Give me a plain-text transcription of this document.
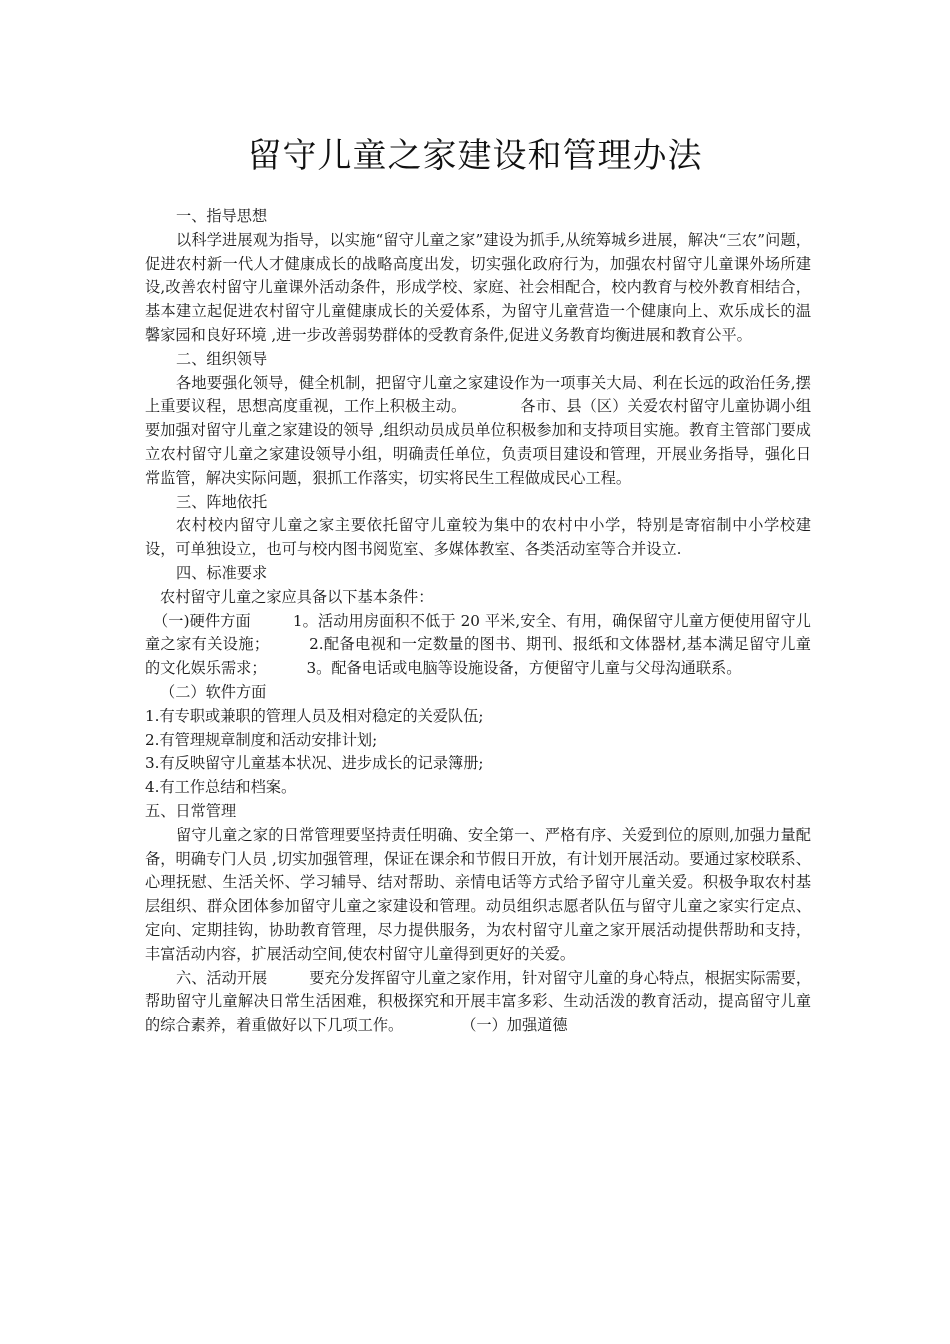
留守儿童之家建设和管理办法

一、指导思想

以科学进展观为指导，以实施“留守儿童之家”建设为抓手,从统筹城乡进展，解决“三农”问题，促进农村新一代人才健康成长的战略高度出发，切实强化政府行为，加强农村留守儿童课外场所建设,改善农村留守儿童课外活动条件，形成学校、家庭、社会相配合，校内教育与校外教育相结合，基本建立起促进农村留守儿童健康成长的关爱体系，为留守儿童营造一个健康向上、欢乐成长的温馨家园和良好环境 ,进一步改善弱势群体的受教育条件,促进义务教育均衡进展和教育公平。

二、组织领导

各地要强化领导，健全机制，把留守儿童之家建设作为一项事关大局、利在长远的政治任务,摆上重要议程，思想高度重视，工作上积极主动。	各市、县（区）关爱农村留守儿童协调小组要加强对留守儿童之家建设的领导 ,组织动员成员单位积极参加和支持项目实施。教育主管部门要成立农村留守儿童之家建设领导小组，明确责任单位，负责项目建设和管理，开展业务指导，强化日常监管，解决实际问题，狠抓工作落实，切实将民生工程做成民心工程。

三、阵地依托

农村校内留守儿童之家主要依托留守儿童较为集中的农村中小学，特别是寄宿制中小学校建设，可单独设立，也可与校内图书阅览室、多媒体教室、各类活动室等合并设立.

四、标准要求

农村留守儿童之家应具备以下基本条件：

（一)硬件方面	1。活动用房面积不低于 20 平米,安全、有用，确保留守儿童方便使用留守儿童之家有关设施；	2.配备电视和一定数量的图书、期刊、报纸和文体器材,基本满足留守儿童的文化娱乐需求；	3。配备电话或电脑等设施设备，方便留守儿童与父母沟通联系。

（二）软件方面

1.有专职或兼职的管理人员及相对稳定的关爱队伍;

2.有管理规章制度和活动安排计划;

3.有反映留守儿童基本状况、进步成长的记录簿册;

4.有工作总结和档案。

五、日常管理

留守儿童之家的日常管理要坚持责任明确、安全第一、严格有序、关爱到位的原则,加强力量配备，明确专门人员 ,切实加强管理，保证在课余和节假日开放，有计划开展活动。要通过家校联系、心理抚慰、生活关怀、学习辅导、结对帮助、亲情电话等方式给予留守儿童关爱。积极争取农村基层组织、群众团体参加留守儿童之家建设和管理。动员组织志愿者队伍与留守儿童之家实行定点、定向、定期挂钩，协助教育管理，尽力提供服务，为农村留守儿童之家开展活动提供帮助和支持，丰富活动内容，扩展活动空间,使农村留守儿童得到更好的关爱。

六、活动开展	要充分发挥留守儿童之家作用，针对留守儿童的身心特点，根据实际需要，帮助留守儿童解决日常生活困难，积极探究和开展丰富多彩、生动活泼的教育活动，提高留守儿童的综合素养，着重做好以下几项工作。	（一）加强道德
